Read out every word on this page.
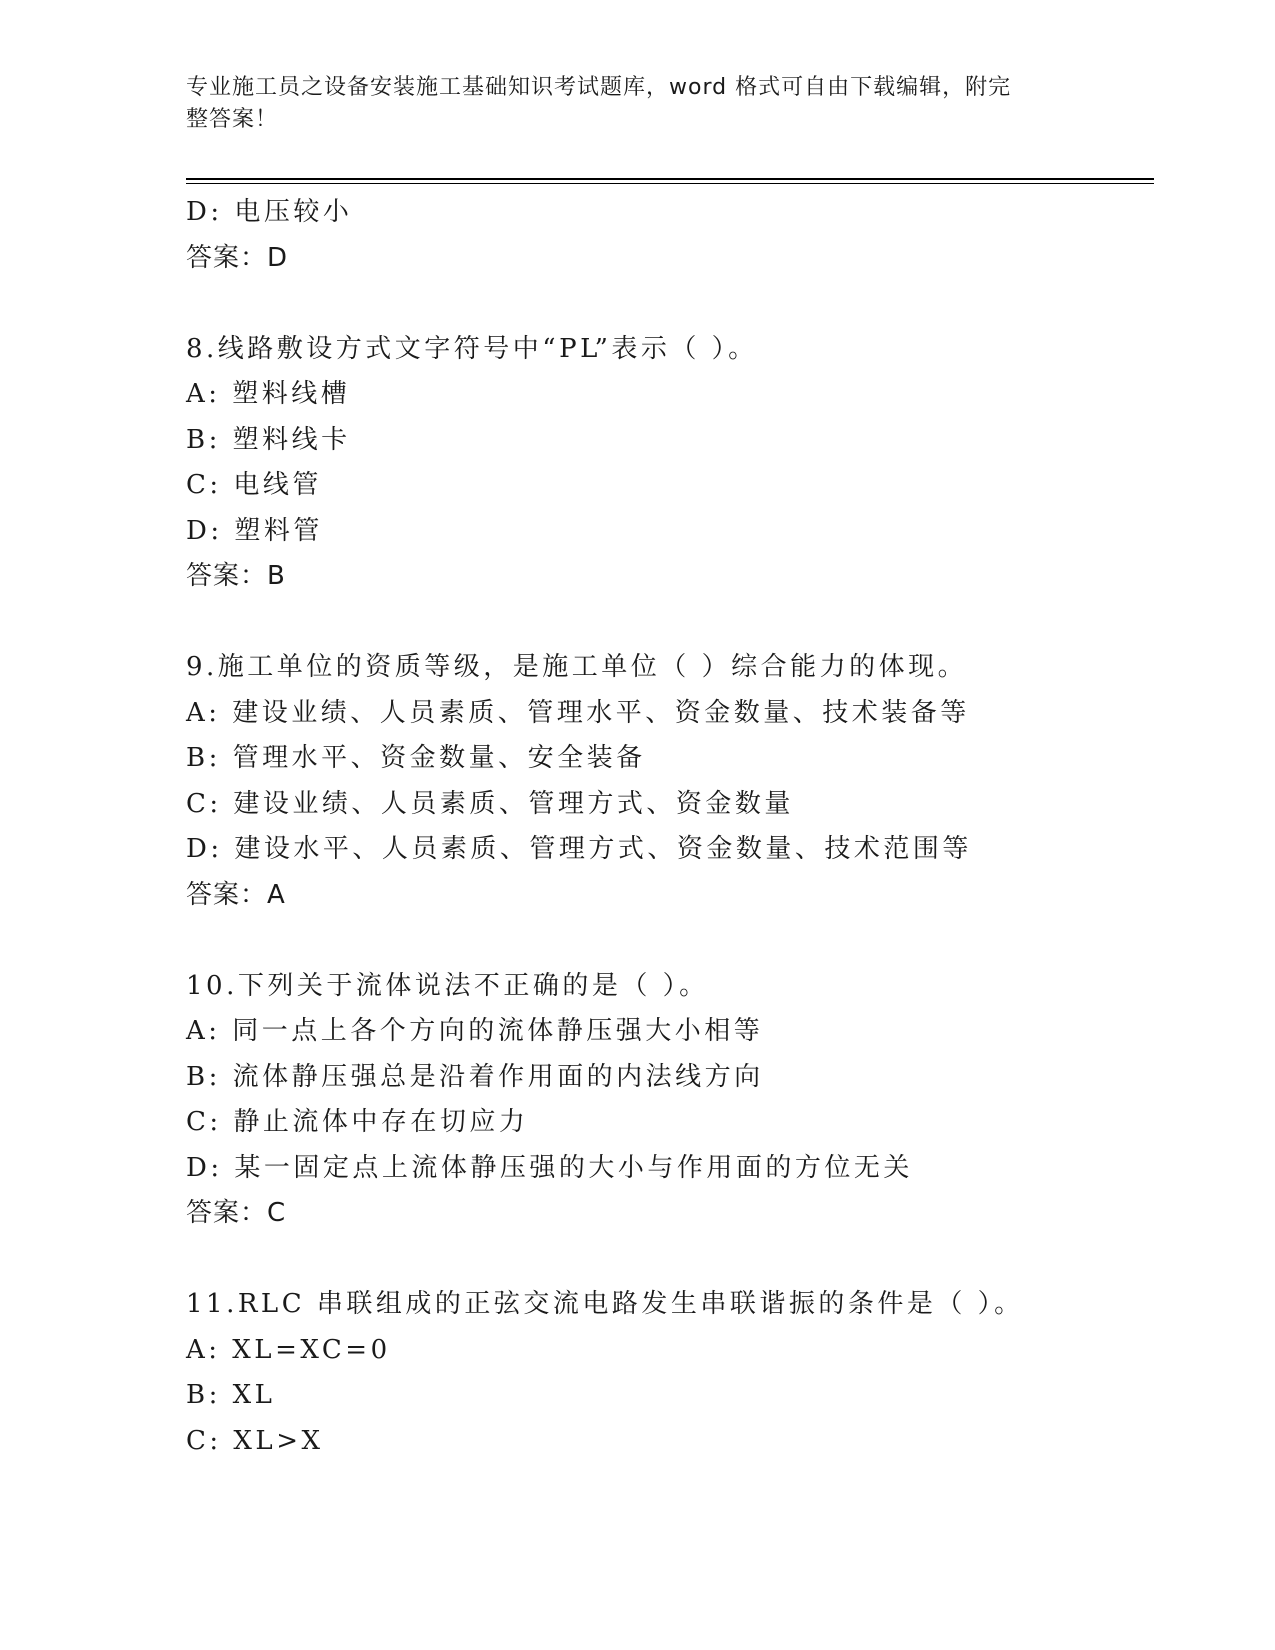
专业施工员之设备安装施工基础知识考试题库，word 格式可自由下载编辑，附完
整答案！
D: 电压较小
答案：D
8.线路敷设方式文字符号中“PL”表示（ ）。
A: 塑料线槽
B: 塑料线卡
C: 电线管
D: 塑料管
答案：B
9.施工单位的资质等级，是施工单位（ ）综合能力的体现。
A: 建设业绩、人员素质、管理水平、资金数量、技术装备等
B: 管理水平、资金数量、安全装备
C: 建设业绩、人员素质、管理方式、资金数量
D: 建设水平、人员素质、管理方式、资金数量、技术范围等
答案：A
10.下列关于流体说法不正确的是（ ）。
A: 同一点上各个方向的流体静压强大小相等
B: 流体静压强总是沿着作用面的内法线方向
C: 静止流体中存在切应力
D: 某一固定点上流体静压强的大小与作用面的方位无关
答案：C
11.RLC 串联组成的正弦交流电路发生串联谐振的条件是（ ）。
A: XL=XC=0
B: XL
C: XL>X
